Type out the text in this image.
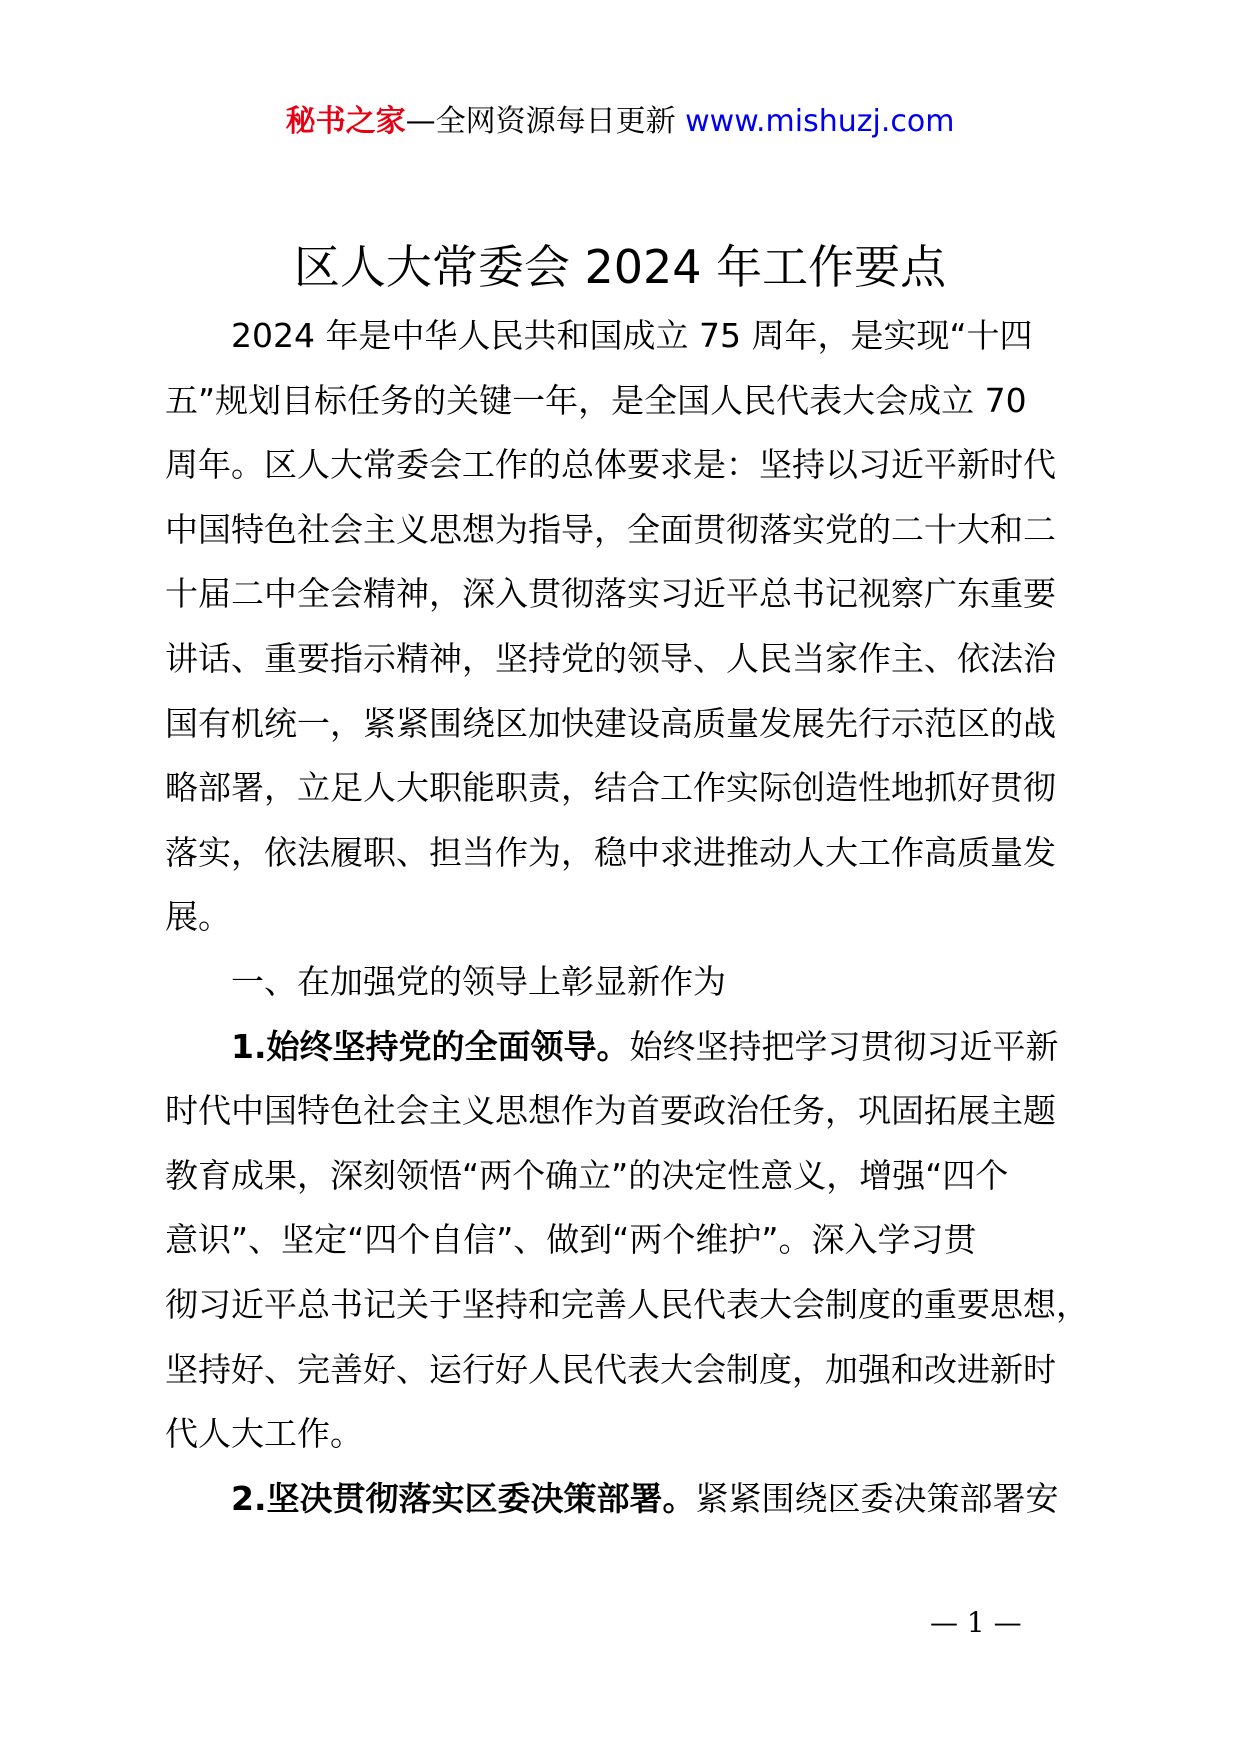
秘书之家—全网资源每日更新 www.mishuzj.com
区人大常委会 2024 年工作要点
2024 年是中华人民共和国成立 75 周年，是实现“十四
五”规划目标任务的关键一年，是全国人民代表大会成立 70
周年。区人大常委会工作的总体要求是：坚持以习近平新时代
中国特色社会主义思想为指导，全面贯彻落实党的二十大和二
十届二中全会精神，深入贯彻落实习近平总书记视察广东重要
讲话、重要指示精神，坚持党的领导、人民当家作主、依法治
国有机统一，紧紧围绕区加快建设高质量发展先行示范区的战
略部署，立足人大职能职责，结合工作实际创造性地抓好贯彻
落实，依法履职、担当作为，稳中求进推动人大工作高质量发
展。
一、在加强党的领导上彰显新作为
1.始终坚持党的全面领导。始终坚持把学习贯彻习近平新
时代中国特色社会主义思想作为首要政治任务，巩固拓展主题
教育成果，深刻领悟“两个确立”的决定性意义，增强“四个
意识”、坚定“四个自信”、做到“两个维护”。深入学习贯
彻习近平总书记关于坚持和完善人民代表大会制度的重要思想，
坚持好、完善好、运行好人民代表大会制度，加强和改进新时
代人大工作。
2.坚决贯彻落实区委决策部署。紧紧围绕区委决策部署安
— 1 —
